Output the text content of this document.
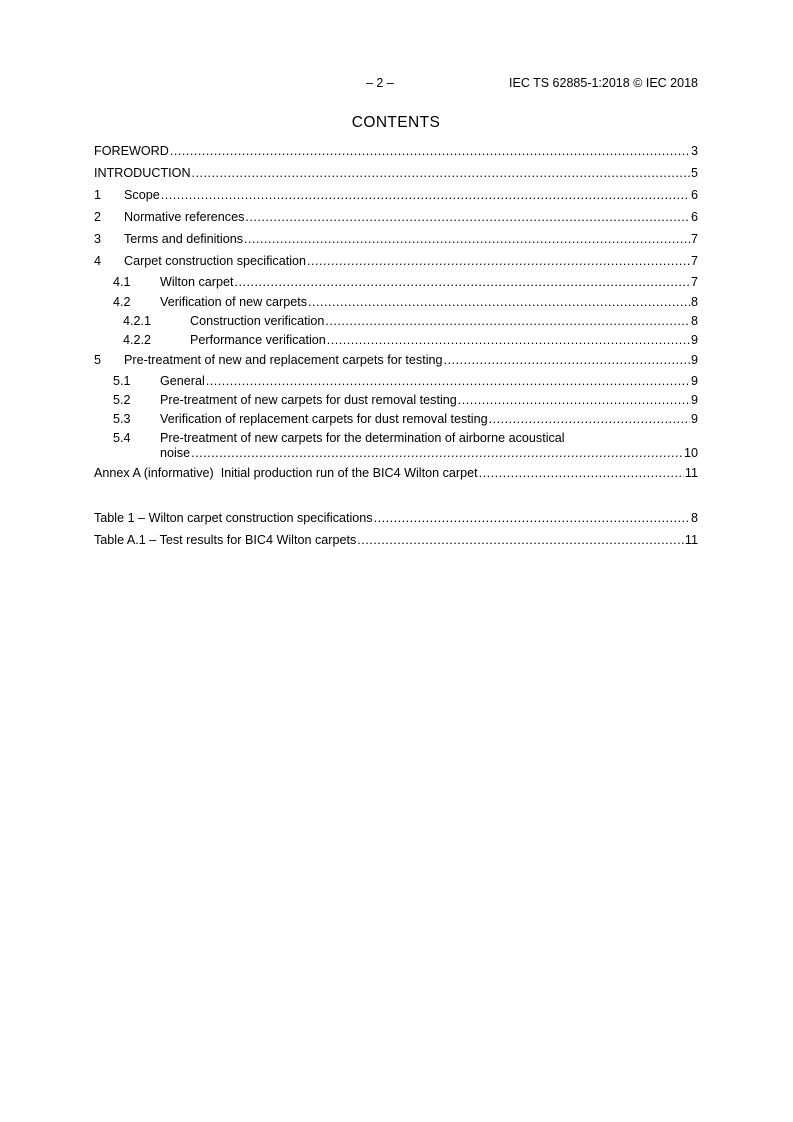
– 2 –	IEC TS 62885-1:2018 © IEC 2018
CONTENTS
FOREWORD .....	3
INTRODUCTION .....	5
1	Scope .....	6
2	Normative references .....	6
3	Terms and definitions .....	7
4	Carpet construction specification .....	7
4.1	Wilton carpet .....	7
4.2	Verification of new carpets .....	8
4.2.1	Construction verification .....	8
4.2.2	Performance verification .....	9
5	Pre-treatment of new and replacement carpets for testing .....	9
5.1	General .....	9
5.2	Pre-treatment of new carpets for dust removal testing .....	9
5.3	Verification of replacement carpets for dust removal testing .....	9
5.4 Pre-treatment of new carpets for the determination of airborne acoustical
noise .....	10
Annex A (informative)  Initial production run of the BIC4 Wilton carpet .....	11
Table 1 – Wilton carpet construction specifications .....	8
Table A.1 – Test results for BIC4 Wilton carpets .....	11
